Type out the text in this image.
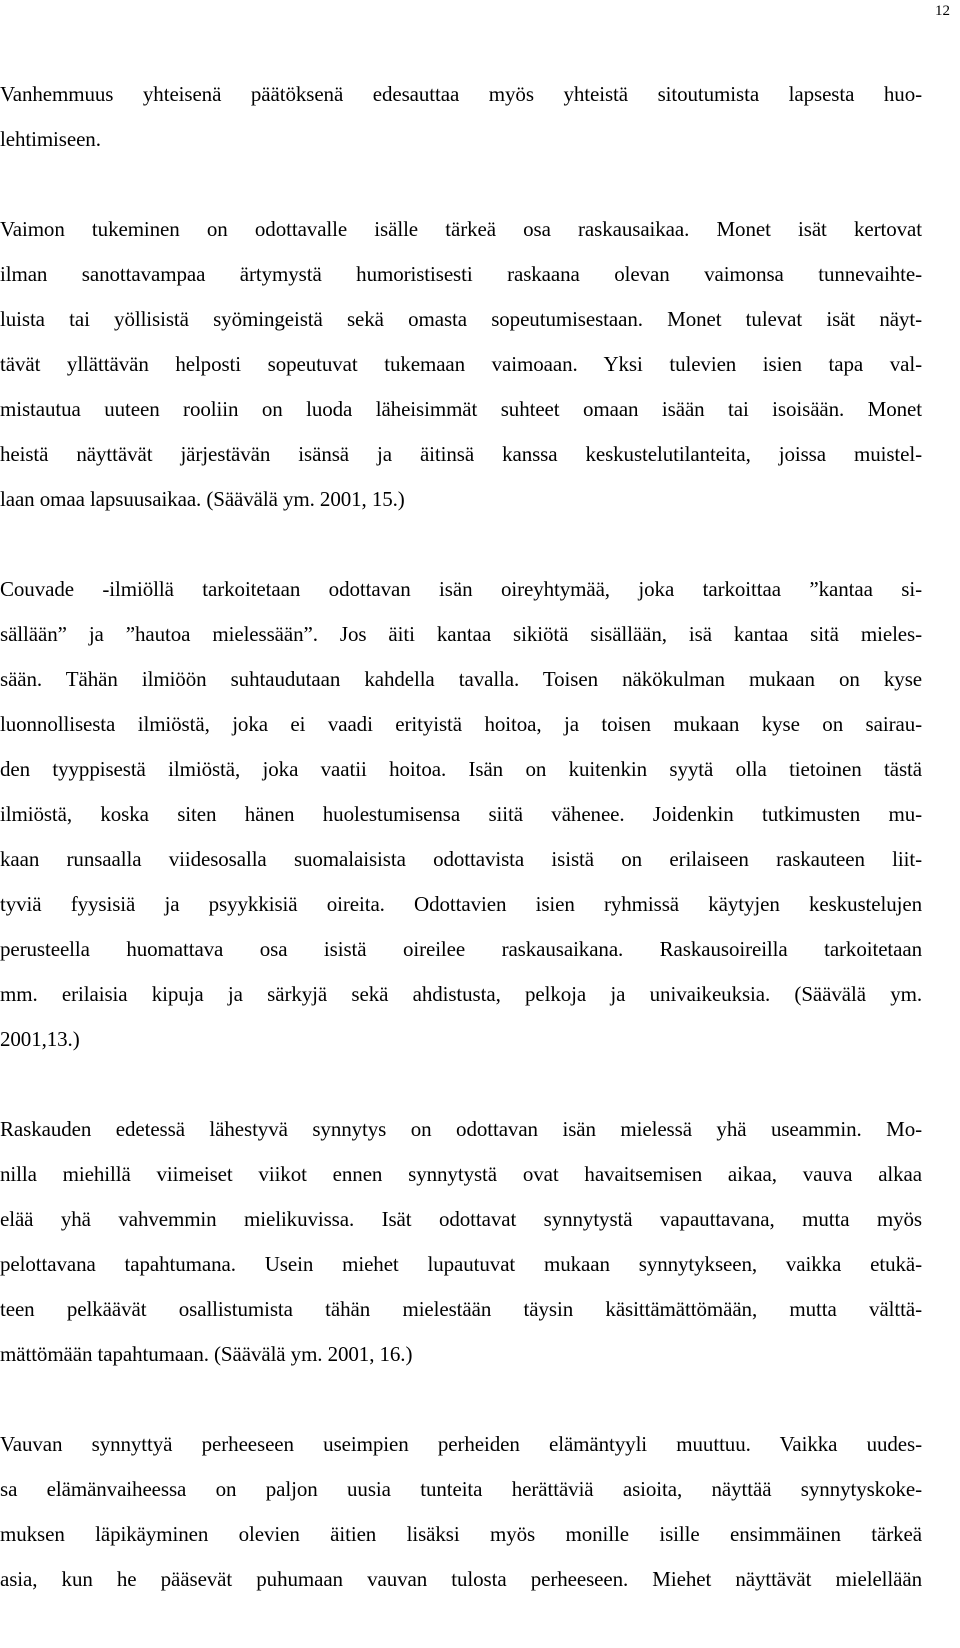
12
Vanhemmuus yhteisenä päätöksenä edesauttaa myös yhteistä sitoutumista lapsesta huo-
lehtimiseen.
Vaimon tukeminen on odottavalle isälle tärkeä osa raskausaikaa. Monet isät kertovat
ilman sanottavampaa ärtymystä humoristisesti raskaana olevan vaimonsa tunnevaihte-
luista tai yöllisistä syömingeistä sekä omasta sopeutumisestaan. Monet tulevat isät näyt-
tävät yllättävän helposti sopeutuvat tukemaan vaimoaan. Yksi tulevien isien tapa val-
mistautua uuteen rooliin on luoda läheisimmät suhteet omaan isään tai isoisään. Monet
heistä näyttävät järjestävän isänsä ja äitinsä kanssa keskustelutilanteita, joissa muistel-
laan omaa lapsuusaikaa. (Säävälä ym. 2001, 15.)
Couvade -ilmiöllä tarkoitetaan odottavan isän oireyhtymää, joka tarkoittaa ”kantaa si-
sällään” ja ”hautoa mielessään”. Jos äiti kantaa sikiötä sisällään, isä kantaa sitä mieles-
sään. Tähän ilmiöön suhtaudutaan kahdella tavalla. Toisen näkökulman mukaan on kyse
luonnollisesta ilmiöstä, joka ei vaadi erityistä hoitoa, ja toisen mukaan kyse on sairau-
den tyyppisestä ilmiöstä, joka vaatii hoitoa. Isän on kuitenkin syytä olla tietoinen tästä
ilmiöstä, koska siten hänen huolestumisensa siitä vähenee. Joidenkin tutkimusten mu-
kaan runsaalla viidesosalla suomalaisista odottavista isistä on erilaiseen raskauteen liit-
tyviä fyysisiä ja psyykkisiä oireita. Odottavien isien ryhmissä käytyjen keskustelujen
perusteella huomattava osa isistä oireilee raskausaikana. Raskausoireilla tarkoitetaan
mm. erilaisia kipuja ja särkyjä sekä ahdistusta, pelkoja ja univaikeuksia. (Säävälä ym.
2001,13.)
Raskauden edetessä lähestyvä synnytys on odottavan isän mielessä yhä useammin. Mo-
nilla miehillä viimeiset viikot ennen synnytystä ovat havaitsemisen aikaa, vauva alkaa
elää yhä vahvemmin mielikuvissa. Isät odottavat synnytystä vapauttavana, mutta myös
pelottavana tapahtumana. Usein miehet lupautuvat mukaan synnytykseen, vaikka etukä-
teen pelkäävät osallistumista tähän mielestään täysin käsittämättömään, mutta välttä-
mättömään tapahtumaan. (Säävälä ym. 2001, 16.)
Vauvan synnyttyä perheeseen useimpien perheiden elämäntyyli muuttuu. Vaikka uudes-
sa elämänvaiheessa on paljon uusia tunteita herättäviä asioita, näyttää synnytyskoke-
muksen läpikäyminen olevien äitien lisäksi myös monille isille ensimmäinen tärkeä
asia, kun he pääsevät puhumaan vauvan tulosta perheeseen. Miehet näyttävät mielellään
